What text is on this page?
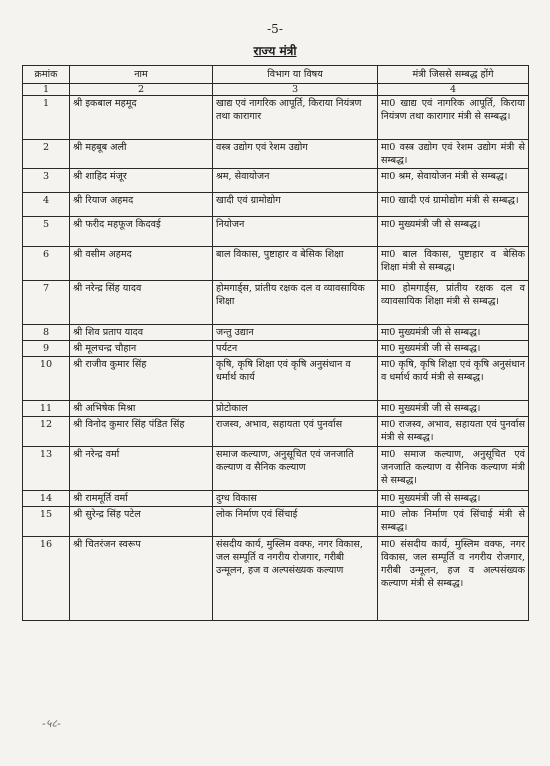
-5-
राज्य मंत्री
क्रमांक	नाम	विभाग या विषय	मंत्री जिससे सम्बद्ध होंगे
1	2	3	4
1	श्री इकबाल महमूद	खाद्य एवं नागरिक आपूर्ति, किराया नियंत्रण तथा कारागार	मा0 खाद्य एवं नागरिक आपूर्ति, किराया नियंत्रण तथा कारागार मंत्री से सम्बद्ध।
2	श्री महबूब अली	वस्त्र उद्योग एवं रेशम उद्योग	मा0 वस्त्र उद्योग एवं रेशम उद्योग मंत्री से सम्बद्ध।
3	श्री शाहिद मंजूर	श्रम, सेवायोजन	मा0 श्रम, सेवायोजन मंत्री से सम्बद्ध।
4	श्री रियाज अहमद	खादी एवं ग्रामोद्योग	मा0 खादी एवं ग्रामोद्योग मंत्री से सम्बद्ध।
5	श्री फरीद महफूज किदवई	नियोजन	मा0 मुख्यमंत्री जी से सम्बद्ध।
6	श्री वसीम अहमद	बाल विकास, पुष्टाहार व बेसिक शिक्षा	मा0 बाल विकास, पुष्टाहार व बेसिक शिक्षा मंत्री से सम्बद्ध।
7	श्री नरेन्द्र सिंह यादव	होमगार्ड्स, प्रांतीय रक्षक दल व व्यावसायिक शिक्षा	मा0 होमगार्ड्स, प्रांतीय रक्षक दल व व्यावसायिक शिक्षा मंत्री से सम्बद्ध।
8	श्री शिव प्रताप यादव	जन्तु उद्यान	मा0 मुख्यमंत्री जी से सम्बद्ध।
9	श्री मूलचन्द्र चौहान	पर्यटन	मा0 मुख्यमंत्री जी से सम्बद्ध।
10	श्री राजीव कुमार सिंह	कृषि, कृषि शिक्षा एवं कृषि अनुसंधान व धर्मार्थ कार्य	मा0 कृषि, कृषि शिक्षा एवं कृषि अनुसंधान व धर्मार्थ कार्य मंत्री से सम्बद्ध।
11	श्री अभिषेक मिश्रा	प्रोटोकाल	मा0 मुख्यमंत्री जी से सम्बद्ध।
12	श्री विनोद कुमार सिंह पंडित सिंह	राजस्व, अभाव, सहायता एवं पुनर्वास	मा0 राजस्व, अभाव, सहायता एवं पुनर्वास मंत्री से सम्बद्ध।
13	श्री नरेन्द्र वर्मा	समाज कल्याण, अनुसूचित एवं जनजाति कल्याण व सैनिक कल्याण	मा0 समाज कल्याण, अनुसूचित एवं जनजाति कल्याण व सैनिक कल्याण मंत्री से सम्बद्ध।
14	श्री राममूर्ति वर्मा	दुग्ध विकास	मा0 मुख्यमंत्री जी से सम्बद्ध।
15	श्री सुरेन्द्र सिंह पटेल	लोक निर्माण एवं सिंचाई	मा0 लोक निर्माण एवं सिंचाई मंत्री से सम्बद्ध।
16	श्री चितरंजन स्वरूप	संसदीय कार्य, मुस्लिम वक्फ, नगर विकास, जल सम्पूर्ति व नगरीय रोजगार, गरीबी उन्मूलन, हज व अल्पसंख्यक कल्याण	मा0 संसदीय कार्य, मुस्लिम वक्फ, नगर विकास, जल सम्पूर्ति व नगरीय रोजगार, गरीबी उन्मूलन, हज व अल्पसंख्यक कल्याण मंत्री से सम्बद्ध।
-५८-
